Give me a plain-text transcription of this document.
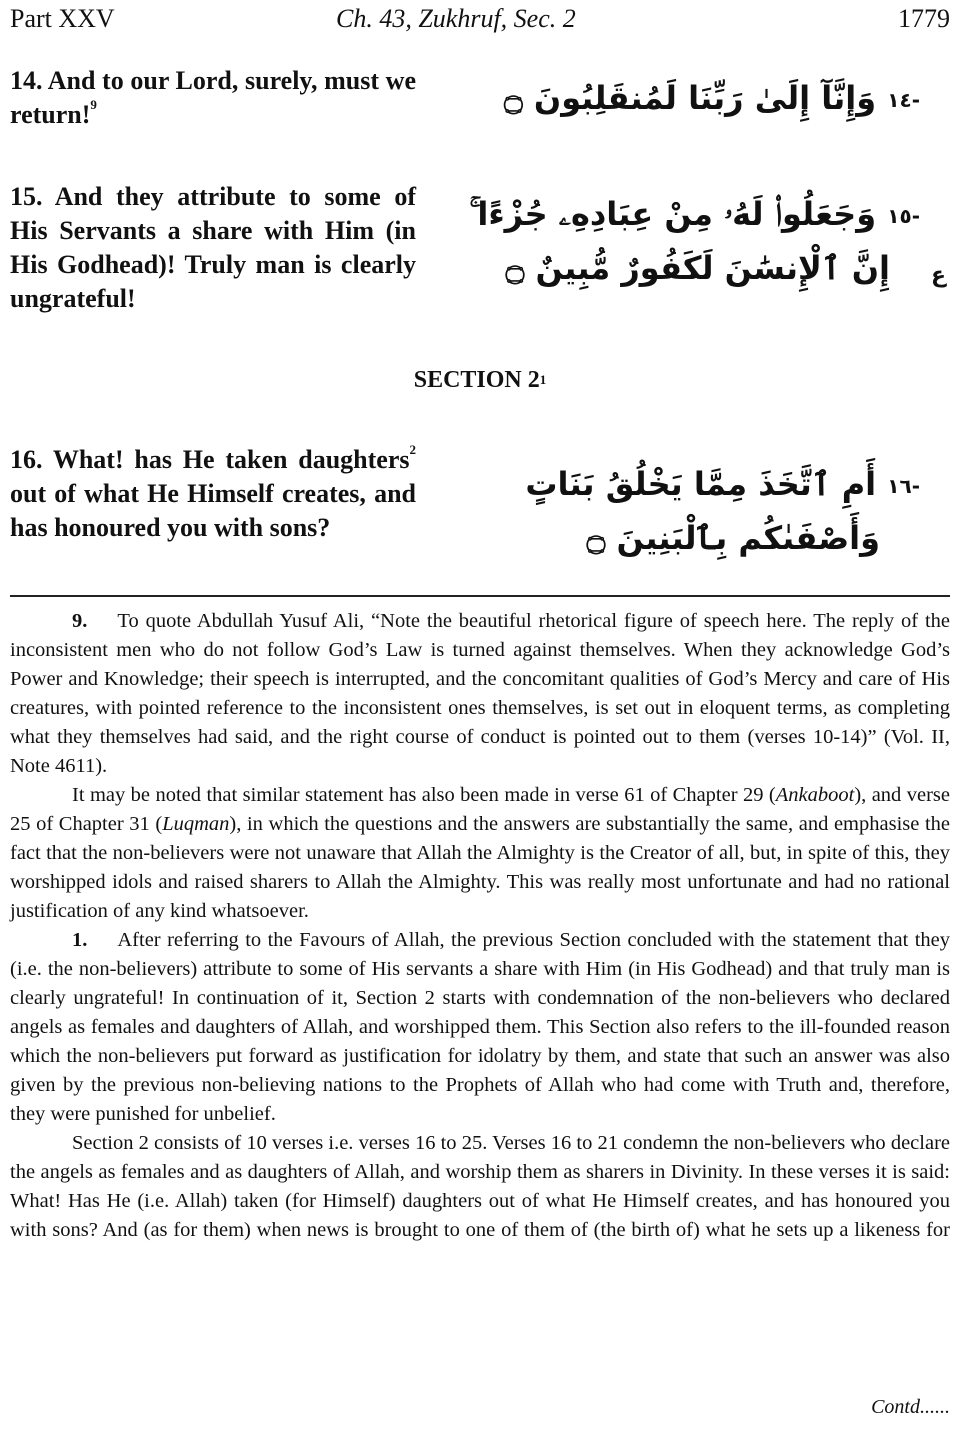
Part XXV	Ch. 43, Zukhruf, Sec. 2	1779
14. And to our Lord, surely, must we return!$^9$	-١٤ وَإِنَّآ إِلَىٰ رَبِّنَا لَمُنقَلِبُونَ ۝
15. And they attribute to some of His Servants a share with Him (in His Godhead)! Truly man is clearly ungrateful!
-١٥ وَجَعَلُوا۟ لَهُۥ مِنْ عِبَادِهِۦ جُزْءًا ۚ
إِنَّ ٱلْإِنسَٰنَ لَكَفُورٌ مُّبِينٌ ۝	ع
SECTION $2^1$
16. What! has He taken daughters$^2$ out of what He Himself creates, and has honoured you with sons?
-١٦ أَمِ ٱتَّخَذَ مِمَّا يَخْلُقُ بَنَاتٍ
وَأَصْفَىٰكُم بِٱلْبَنِينَ ۝

9. To quote Abdullah Yusuf Ali, “Note the beautiful rhetorical figure of speech here. The reply of the inconsistent men who do not follow God’s Law is turned against themselves. When they acknowledge God’s Power and Knowledge; their speech is interrupted, and the concomitant qualities of God’s Mercy and care of His creatures, with pointed reference to the inconsistent ones themselves, is set out in eloquent terms, as completing what they themselves had said, and the right course of conduct is pointed out to them (verses 10-14)” (Vol. II, Note 4611).

It may be noted that similar statement has also been made in verse 61 of Chapter 29 (Ankaboot), and verse 25 of Chapter 31 (Luqman), in which the questions and the answers are substantially the same, and emphasise the fact that the non-believers were not unaware that Allah the Almighty is the Creator of all, but, in spite of this, they worshipped idols and raised sharers to Allah the Almighty. This was really most unfortunate and had no rational justification of any kind whatsoever.

1. After referring to the Favours of Allah, the previous Section concluded with the statement that they (i.e. the non-believers) attribute to some of His servants a share with Him (in His Godhead) and that truly man is clearly ungrateful! In continuation of it, Section 2 starts with condemnation of the non-believers who declared angels as females and daughters of Allah, and worshipped them. This Section also refers to the ill-founded reason which the non-believers put forward as justification for idolatry by them, and state that such an answer was also given by the previous non-believing nations to the Prophets of Allah who had come with Truth and, therefore, they were punished for unbelief.

Section 2 consists of 10 verses i.e. verses 16 to 25. Verses 16 to 21 condemn the non-believers who declare the angels as females and as daughters of Allah, and worship them as sharers in Divinity. In these verses it is said: What! Has He (i.e. Allah) taken (for Himself) daughters out of what He Himself creates, and has honoured you with sons? And (as for them) when news is brought to one of them of (the birth of) what he sets up a likeness for

Contd......
